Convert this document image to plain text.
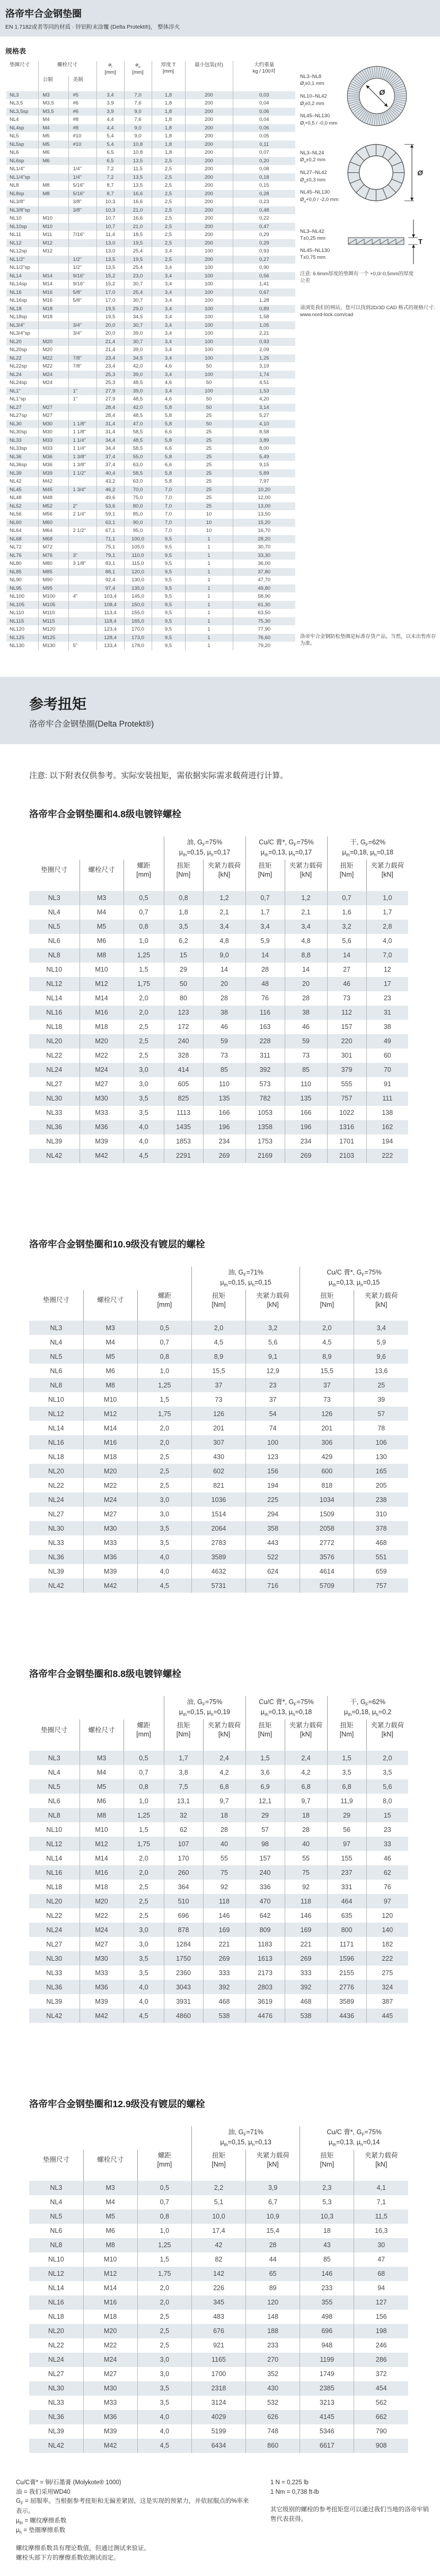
洛帝牢合金钢垫圈
EN 1.7182或者等同的材质 · 锌铝粉末涂覆 (Delta Protekt®)， 整体淬火
规格表
垫圈尺寸	螺栓尺寸	$ø_i$
[mm]

$ø_o$
[mm]

厚度 T
[mm]
	最小包装(对)	大约重量
kg / 100对

	公制	美制					
NL3	M3	#5	3,4	7,0	1,8	200	0,03
NL3,5	M3,5	#6	3,9	7,6	1,8	200	0,04
NL3,5sp	M3,5	#6	3,9	9,0	1,8	200	0,06
NL4	M4	#8	4,4	7,6	1,8	200	0,04
NL4sp	M4	#8	4,4	9,0	1,8	200	0,06
NL5	M5	#10	5,4	9,0	1,8	200	0,05
NL5sp	M5	#10	5,4	10,8	1,8	200	0,11
NL6	M6		6,5	10,8	1,8	200	0,07
NL6sp	M6		6,5	13,5	2,5	200	0,20
NL1/4"		1/4"	7,2	11,5	2,5	200	0,08
NL1/4"sp		1/4"	7,2	13,5	2,5	200	0,18
NL8	M8	5/16"	8,7	13,5	2,5	200	0,15
NL8sp	M8	5/16"	8,7	16,6	2,5	200	0,28
NL3/8"		3/8"	10,3	16,6	2,5	200	0,23
NL3/8"sp		3/8"	10,3	21,0	2,5	200	0,48
NL10	M10		10,7	16,6	2,5	200	0,22
NL10sp	M10		10,7	21,0	2,5	200	0,47
NL11	M11	7/16"	11,4	18,5	2,5	200	0,29
NL12	M12		13,0	19,5	2,5	200	0,29
NL12sp	M12		13,0	25,4	3,4	100	0,93
NL1/2"		1/2"	13,5	19,5	2,5	200	0,27
NL1/2"sp		1/2"	13,5	25,4	3,4	100	0,90
NL14	M14	9/16"	15,2	23,0	3,4	100	0,56
NL14sp	M14	9/16"	15,2	30,7	3,4	100	1,41
NL16	M16	5/8"	17,0	25,4	3,4	100	0,67
NL16sp	M16	5/8"	17,0	30,7	3,4	100	1,28
NL18	M18		19,5	29,0	3,4	100	0,89
NL18sp	M18		19,5	34,5	3,4	100	1,58
NL3/4"		3/4"	20,0	30,7	3,4	100	1,05
NL3/4"sp		3/4"	20,0	39,0	3,4	100	2,21
NL20	M20		21,4	30,7	3,4	100	0,93
NL20sp	M20		21,4	39,0	3,4	100	2,09
NL22	M22	7/8"	23,4	34,5	3,4	100	1,25
NL22sp	M22	7/8"	23,4	42,0	4,6	50	3,19
NL24	M24		25,3	39,0	3,4	100	1,74
NL24sp	M24		25,3	48,5	4,6	50	4,51
NL1"		1"	27,9	39,0	3,4	100	1,53
NL1"sp		1"	27,9	48,5	4,6	50	4,20
NL27	M27		28,4	42,0	5,8	50	3,14
NL27sp	M27		28,4	48,5	5,8	25	5,27
NL30	M30	1 1/8"	31,4	47,0	5,8	50	4,10
NL30sp	M30	1 1/8"	31,4	58,5	6,6	25	8,58
NL33	M33	1 1/4"	34,4	48,5	5,8	25	3,89
NL33sp	M33	1 1/4"	34,4	58,5	6,6	25	8,00
NL36	M36	1 3/8"	37,4	55,0	5,8	25	5,49
NL36sp	M36	1 3/8"	37,4	63,0	6,6	25	9,15
NL39	M39	1 1/2"	40,4	58,5	5,8	25	5,89
NL42	M42		43,2	63,0	5,8	25	7,97
NL45	M45	1 3/4"	46,2	70,0	7,0	25	10,20
NL48	M48		49,6	75,0	7,0	25	12,00
NL52	M52	2"	53,6	80,0	7,0	25	13,00
NL56	M56	2 1/4"	59,1	85,0	7,0	10	13,50
NL60	M60		63,1	90,0	7,0	10	15,20
NL64	M64	2 1/2"	67,1	95,0	7,0	10	16,70
NL68	M68		71,1	100,0	9,5	1	28,20
NL72	M72		75,1	105,0	9,5	1	30,70
NL76	M76	3"	79,1	110,0	9,5	1	33,30
NL80	M80	3 1/8"	83,1	115,0	9,5	1	36,00
NL85	M85		88,1	120,0	9,5	1	37,80
NL90	M90		92,4	130,0	9,5	1	47,70
NL95	M95		97,4	135,0	9,5	1	49,80
NL100	M100	4"	103,4	145,0	9,5	1	58,90
NL105	M105		108,4	150,0	9,5	1	61,30
NL110	M110		113,4	155,0	9,5	1	63,50
NL115	M115		118,4	165,0	9,5	1	75,30
NL120	M120		123,4	170,0	9,5	1	77,90
NL125	M125		128,4	173,0	9,5	1	76,60
NL130	M130	5"	133,4	178,0	9,5	1	79,20
NL3–NL8
$Ø_i\pm 0,1$ mm
NL10–NL42
$Ø_i\pm 0,2$ mm
NL45–NL130
$Ø_i+0,5 / -0,0$ mm
Ø
NL3–NL24
$Ø_o\pm 0,2$ mm
NL27–NL42
$Ø_o\pm 0,3$ mm
NL45–NL130
$Ø_o+0,0 / -2,0$ mm
Ø
NL3–NL42
T±0,25 mm
NL45–NL130
T±0,75 mm
T
注意: 6.6mm厚度的垫圈有一个 +0,0/-0,5mm的厚度公差
请浏览我们的网站，您可以找到2D/3D CAD 格式的规格尺寸: www.nord-lock.com/cad
洛帝牢合金钢防松垫圈是标准存货产品，当然，以未出售库存为准。
参考扭矩
洛帝牢合金钢垫圈(Delta Protekt®)
注意: 以下附表仅供参考。实际安装扭矩，需依据实际需求载荷进行计算。
洛帝牢合金钢垫圈和4.8级电镀锌螺栓

油, $G_F=75\%$
$\mu_{th}=0,15$, $\mu_h=0,17$

Cu/C 膏*, $G_F=75\%$
$\mu_{th}=0,13$, $\mu_h=0,17$

干, $G_F=62\%$
$\mu_{th}=0,18$, $\mu_h=0,18$

垫圈尺寸	螺栓尺寸	
螺距
[mm]

扭矩
[Nm]

夹紧力载荷
[kN]

扭矩
[Nm]

夹紧力载荷
[kN]

扭矩
[Nm]

夹紧力载荷
[kN]

NL3	M3	0,5	0,8	1,2	0,7	1,2	0,7	1,0
NL4	M4	0,7	1,8	2,1	1,7	2,1	1,6	1,7
NL5	M5	0,8	3,5	3,4	3,4	3,4	3,2	2,8
NL6	M6	1,0	6,2	4,8	5,9	4,8	5,6	4,0
NL8	M8	1,25	15	9,0	14	8,8	14	7,0
NL10	M10	1,5	29	14	28	14	27	12
NL12	M12	1,75	50	20	48	20	46	17
NL14	M14	2,0	80	28	76	28	73	23
NL16	M16	2,0	123	38	116	38	112	31
NL18	M18	2,5	172	46	163	46	157	38
NL20	M20	2,5	240	59	228	59	220	49
NL22	M22	2,5	328	73	311	73	301	60
NL24	M24	3,0	414	85	392	85	379	70
NL27	M27	3,0	605	110	573	110	555	91
NL30	M30	3,5	825	135	782	135	757	111
NL33	M33	3,5	1113	166	1053	166	1022	138
NL36	M36	4,0	1435	196	1358	196	1316	162
NL39	M39	4,0	1853	234	1753	234	1701	194
NL42	M42	4,5	2291	269	2169	269	2103	222
洛帝牢合金钢垫圈和10.9级没有镀层的螺栓

油, $G_F=71\%$
$\mu_{th}=0,15$, $\mu_h=0,15$

Cu/C 膏*, $G_F=75\%$
$\mu_{th}=0,13$, $\mu_h=0,15$

垫圈尺寸	螺栓尺寸	
螺距
[mm]

扭矩
[Nm]

夹紧力载荷
[kN]

扭矩
[Nm]

夹紧力载荷
[kN]

NL3	M3	0,5	2,0	3,2	2,0	3,4
NL4	M4	0,7	4,5	5,6	4,5	5,9
NL5	M5	0,8	8,9	9,1	8,9	9,6
NL6	M6	1,0	15,5	12,9	15,5	13,6
NL8	M8	1,25	37	23	37	25
NL10	M10	1,5	73	37	73	39
NL12	M12	1,75	126	54	126	57
NL14	M14	2,0	201	74	201	78
NL16	M16	2,0	307	100	306	106
NL18	M18	2,5	430	123	429	130
NL20	M20	2,5	602	156	600	165
NL22	M22	2,5	821	194	818	205
NL24	M24	3,0	1036	225	1034	238
NL27	M27	3,0	1514	294	1509	310
NL30	M30	3,5	2064	358	2058	378
NL33	M33	3,5	2783	443	2772	468
NL36	M36	4,0	3589	522	3576	551
NL39	M39	4,0	4632	624	4614	659
NL42	M42	4,5	5731	716	5709	757
洛帝牢合金钢垫圈和8.8级电镀锌螺栓

油, $G_F=75\%$
$\mu_{th}=0,15$, $\mu_h=0,19$

Cu/C 膏*, $G_F=75\%$
$\mu_{th}=0,13$, $\mu_h=0,18$

干, $G_F=62\%$
$\mu_{th}=0,18$, $\mu_h=0,2$

垫圈尺寸	螺栓尺寸	
螺距
[mm]

扭矩
[Nm]

夹紧力载荷
[kN]

扭矩
[Nm]

夹紧力载荷
[kN]

扭矩
[Nm]

夹紧力载荷
[kN]

NL3	M3	0,5	1,7	2,4	1,5	2,4	1,5	2,0
NL4	M4	0,7	3,8	4,2	3,6	4,2	3,5	3,5
NL5	M5	0,8	7,5	6,8	6,9	6,8	6,8	5,6
NL6	M6	1,0	13,1	9,7	12,1	9,7	11,9	8,0
NL8	M8	1,25	32	18	29	18	29	15
NL10	M10	1,5	62	28	57	28	56	23
NL12	M12	1,75	107	40	98	40	97	33
NL14	M14	2,0	170	55	157	55	155	46
NL16	M16	2,0	260	75	240	75	237	62
NL18	M18	2,5	364	92	336	92	331	76
NL20	M20	2,5	510	118	470	118	464	97
NL22	M22	2,5	696	146	642	146	635	120
NL24	M24	3,0	878	169	809	169	800	140
NL27	M27	3,0	1284	221	1183	221	1171	182
NL30	M30	3,5	1750	269	1613	269	1596	222
NL33	M33	3,5	2360	333	2173	333	2155	275
NL36	M36	4,0	3043	392	2803	392	2776	324
NL39	M39	4,0	3931	468	3619	468	3589	387
NL42	M42	4,5	4860	538	4476	538	4436	445
洛帝牢合金钢垫圈和12.9级没有镀层的螺栓

油, $G_F=71\%$
$\mu_{th}=0,15$, $\mu_h=0,13$

Cu/C 膏*, $G_F=75\%$
$\mu_{th}=0,13$, $\mu_h=0,14$

垫圈尺寸	螺栓尺寸	
螺距
[mm]

扭矩
[Nm]

夹紧力载荷
[kN]

扭矩
[Nm]

夹紧力载荷
[kN]

NL3	M3	0,5	2,2	3,9	2,3	4,1
NL4	M4	0,7	5,1	6,7	5,3	7,1
NL5	M5	0,8	10,0	10,9	10,3	11,5
NL6	M6	1,0	17,4	15,4	18	16,3
NL8	M8	1,25	42	28	43	30
NL10	M10	1,5	82	44	85	47
NL12	M12	1,75	142	65	146	68
NL14	M14	2,0	226	89	233	94
NL16	M16	2,0	345	120	355	127
NL18	M18	2,5	483	148	498	156
NL20	M20	2,5	676	188	696	198
NL22	M22	2,5	921	233	948	246
NL24	M24	3,0	1165	270	1199	286
NL27	M27	3,0	1700	352	1749	372
NL30	M30	3,5	2318	430	2385	454
NL33	M33	3,5	3124	532	3213	562
NL36	M36	4,0	4029	626	4145	662
NL39	M39	4,0	5199	748	5346	790
NL42	M42	4,5	6434	860	6617	908
Cu/C膏* = 铜/石墨膏 (Molykote® 1000)
油 = 我们采用WD40
$G_F$ = 屈服率。当根据参考扭矩和无偏差紧固，这是实现的预紧力，并依屈服点的%率来表示。
$\mu_{th}$ = 螺纹摩擦系数
$\mu_h$ = 垫圈摩擦系数
螺纹摩擦系数具有理论数值，但通过测试来验证。
螺栓头部下方的摩擦系数依测试而定。
1 N = 0,225 lb
1 Nm = 0,738 ft-lb
其它级别的螺栓的参考扭矩您可以通过我们当地的洛帝牢销售代表获得。
